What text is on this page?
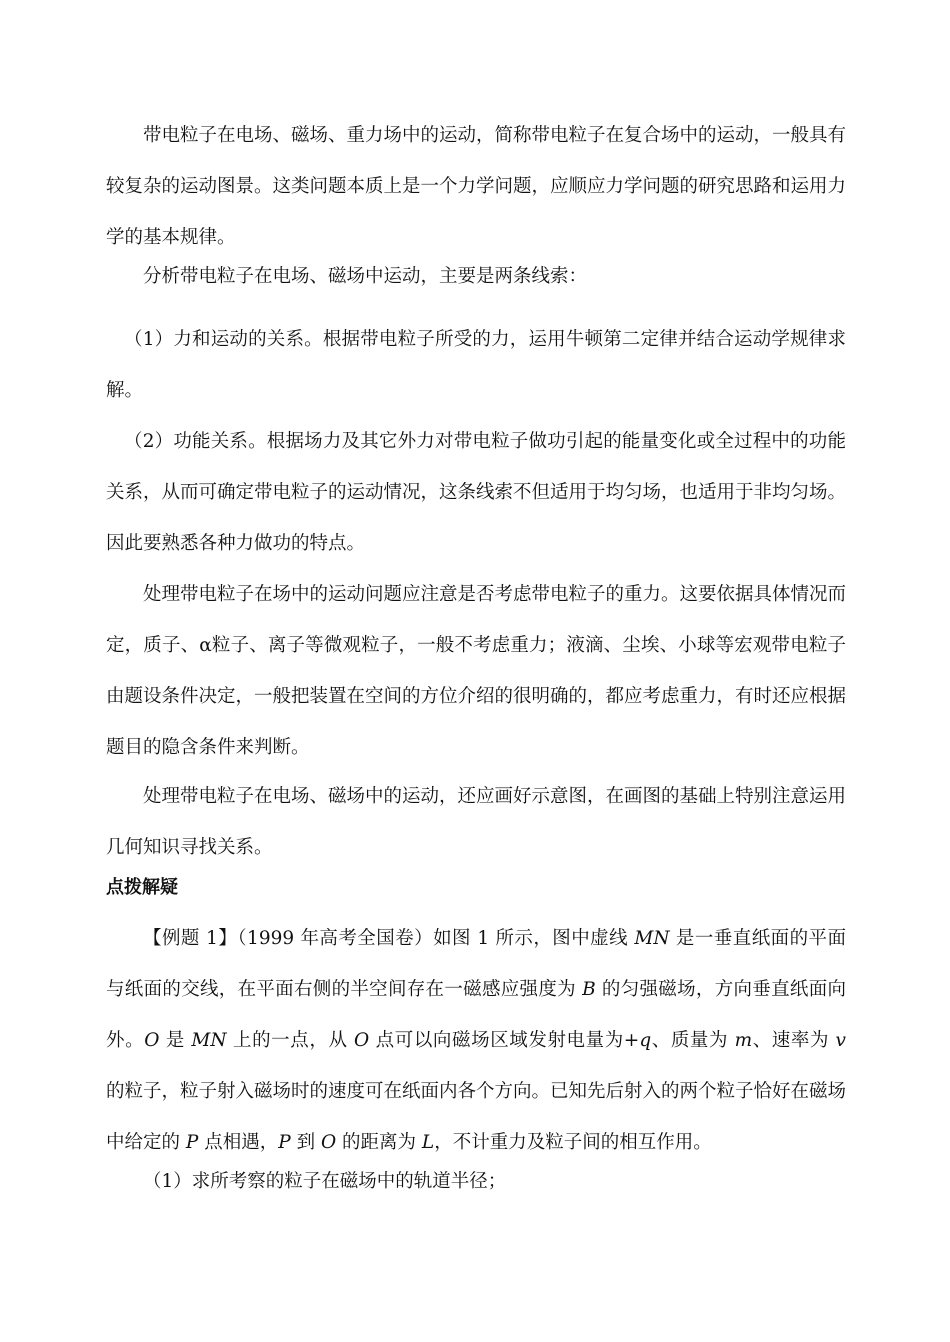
带电粒子在电场、磁场、重力场中的运动，简称带电粒子在复合场中的运动，一般具有较复杂的运动图景。这类问题本质上是一个力学问题，应顺应力学问题的研究思路和运用力学的基本规律。

分析带电粒子在电场、磁场中运动，主要是两条线索：

（1）力和运动的关系。根据带电粒子所受的力，运用牛顿第二定律并结合运动学规律求解。

（2）功能关系。根据场力及其它外力对带电粒子做功引起的能量变化或全过程中的功能关系，从而可确定带电粒子的运动情况，这条线索不但适用于均匀场，也适用于非均匀场。因此要熟悉各种力做功的特点。

处理带电粒子在场中的运动问题应注意是否考虑带电粒子的重力。这要依据具体情况而定，质子、α粒子、离子等微观粒子，一般不考虑重力；液滴、尘埃、小球等宏观带电粒子由题设条件决定，一般把装置在空间的方位介绍的很明确的，都应考虑重力，有时还应根据题目的隐含条件来判断。

处理带电粒子在电场、磁场中的运动，还应画好示意图，在画图的基础上特别注意运用几何知识寻找关系。

点拨解疑

【例题 1】（1999 年高考全国卷）如图 1 所示，图中虚线 MN 是一垂直纸面的平面与纸面的交线，在平面右侧的半空间存在一磁感应强度为 B 的匀强磁场，方向垂直纸面向外。O 是 MN 上的一点，从 O 点可以向磁场区域发射电量为+q、质量为 m、速率为 v 的粒子，粒子射入磁场时的速度可在纸面内各个方向。已知先后射入的两个粒子恰好在磁场中给定的 P 点相遇，P 到 O 的距离为 L，不计重力及粒子间的相互作用。

（1）求所考察的粒子在磁场中的轨道半径；
